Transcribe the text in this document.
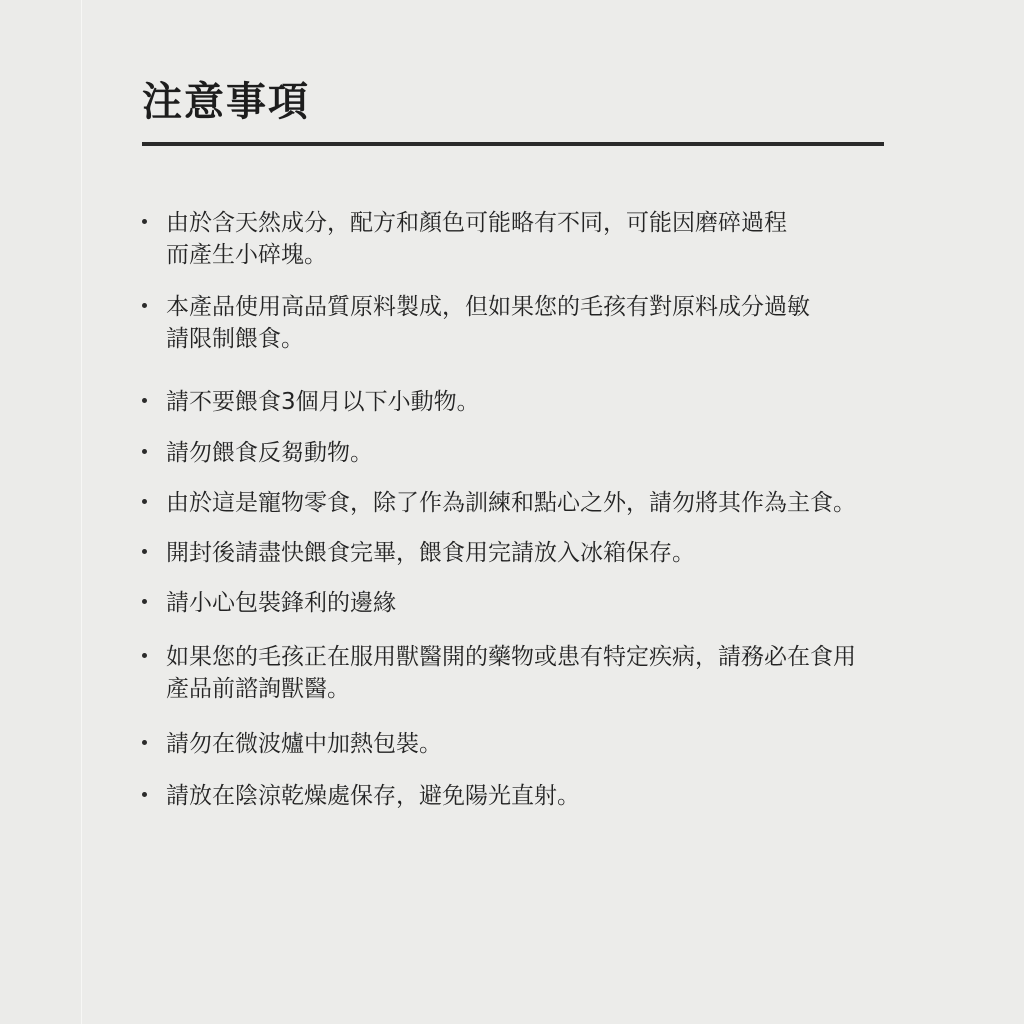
注意事項
由於含天然成分，配方和顏色可能略有不同，可能因磨碎過程
而產生小碎塊。
本產品使用高品質原料製成，但如果您的毛孩有對原料成分過敏
請限制餵食。
請不要餵食3個月以下小動物。
請勿餵食反芻動物。
由於這是寵物零食，除了作為訓練和點心之外，請勿將其作為主食。
開封後請盡快餵食完畢，餵食用完請放入冰箱保存。
請小心包裝鋒利的邊緣
如果您的毛孩正在服用獸醫開的藥物或患有特定疾病，請務必在食用
產品前諮詢獸醫。
請勿在微波爐中加熱包裝。
請放在陰涼乾燥處保存，避免陽光直射。
